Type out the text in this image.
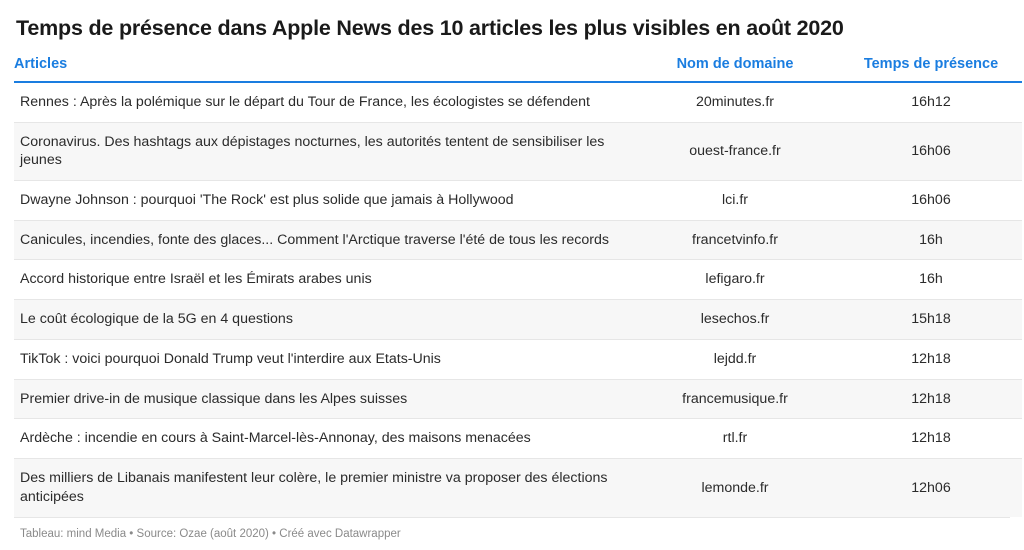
Temps de présence dans Apple News des 10 articles les plus visibles en août 2020
Articles	Nom de domaine	Temps de présence
Rennes : Après la polémique sur le départ du Tour de France, les écologistes se défendent	20minutes.fr	16h12
Coronavirus. Des hashtags aux dépistages nocturnes, les autorités tentent de sensibiliser les jeunes	ouest-france.fr	16h06
Dwayne Johnson : pourquoi 'The Rock' est plus solide que jamais à Hollywood	lci.fr	16h06
Canicules, incendies, fonte des glaces... Comment l'Arctique traverse l'été de tous les records	francetvinfo.fr	16h
Accord historique entre Israël et les Émirats arabes unis	lefigaro.fr	16h
Le coût écologique de la 5G en 4 questions	lesechos.fr	15h18
TikTok : voici pourquoi Donald Trump veut l'interdire aux Etats-Unis	lejdd.fr	12h18
Premier drive-in de musique classique dans les Alpes suisses	francemusique.fr	12h18
Ardèche : incendie en cours à Saint-Marcel-lès-Annonay, des maisons menacées	rtl.fr	12h18
Des milliers de Libanais manifestent leur colère, le premier ministre va proposer des élections anticipées	lemonde.fr	12h06
Tableau: mind Media • Source: Ozae (août 2020) • Créé avec Datawrapper
